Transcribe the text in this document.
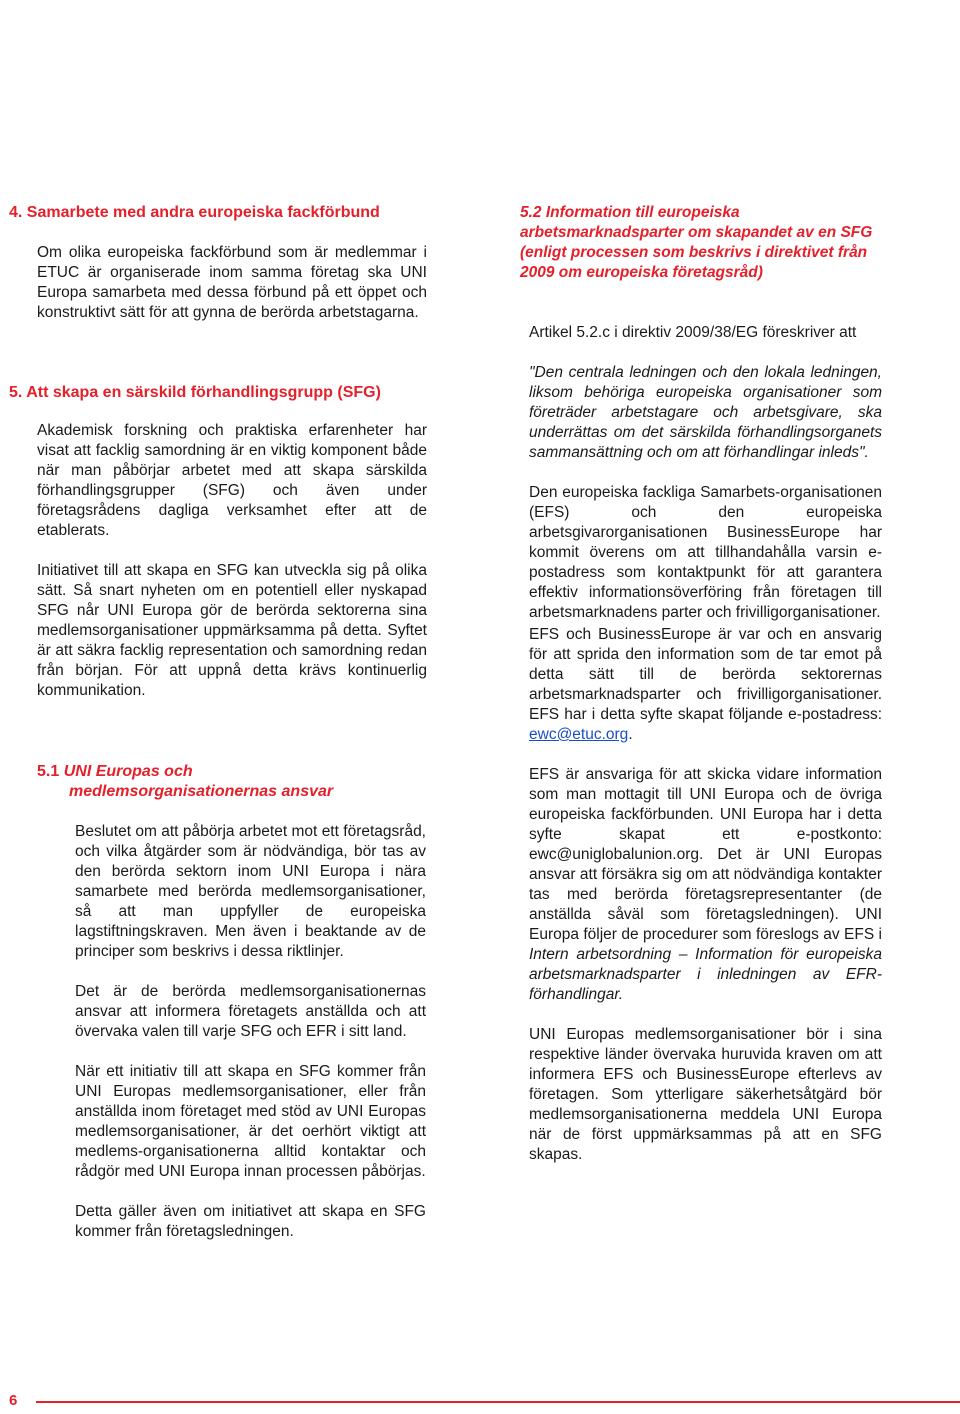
4. Samarbete med andra europeiska fackförbund

Om olika europeiska fackförbund som är medlemmar i ETUC är organiserade inom samma företag ska UNI Europa samarbeta med dessa förbund på ett öppet och konstruktivt sätt för att gynna de berörda arbetstagarna.

5. Att skapa en särskild förhandlingsgrupp (SFG)

Akademisk forskning och praktiska erfarenheter har visat att facklig samordning är en viktig komponent både när man påbörjar arbetet med att skapa särskilda förhandlingsgrupper (SFG) och även under företagsrådens dagliga verksamhet efter att de etablerats.

Initiativet till att skapa en SFG kan utveckla sig på olika sätt. Så snart nyheten om en potentiell eller nyskapad SFG når UNI Europa gör de berörda sektorerna sina medlemsorganisationer uppmärksamma på detta. Syftet är att säkra facklig representation och samordning redan från början. För att uppnå detta krävs kontinuerlig kommunikation.

5.1 UNI Europas och
medlemsorganisationernas ansvar

Beslutet om att påbörja arbetet mot ett företagsråd, och vilka åtgärder som är nödvändiga, bör tas av den berörda sektorn inom UNI Europa i nära samarbete med berörda medlemsorganisationer, så att man uppfyller de europeiska lagstiftningskraven. Men även i beaktande av de principer som beskrivs i dessa riktlinjer.

Det är de berörda medlemsorganisationernas ansvar att informera företagets anställda och att övervaka valen till varje SFG och EFR i sitt land.

När ett initiativ till att skapa en SFG kommer från UNI Europas medlemsorganisationer, eller från anställda inom företaget med stöd av UNI Europas medlemsorganisationer, är det oerhört viktigt att medlems-organisationerna alltid kontaktar och rådgör med UNI Europa innan processen påbörjas.

Detta gäller även om initiativet att skapa en SFG kommer från företagsledningen.

5.2 Information till europeiska arbetsmarknadsparter om skapandet av en SFG (enligt processen som beskrivs i direktivet från 2009 om europeiska företagsråd)

Artikel 5.2.c i direktiv 2009/38/EG föreskriver att

"Den centrala ledningen och den lokala ledningen, liksom behöriga europeiska organisationer som företräder arbetstagare och arbetsgivare, ska underrättas om det särskilda förhandlingsorganets sammansättning och om att förhandlingar inleds".

Den europeiska fackliga Samarbets-organisationen (EFS) och den europeiska arbetsgivarorganisationen BusinessEurope har kommit överens om att tillhandahålla varsin e-postadress som kontaktpunkt för att garantera effektiv informationsöverföring från företagen till arbetsmarknadens parter och frivilligorganisationer.

EFS och BusinessEurope är var och en ansvarig för att sprida den information som de tar emot på detta sätt till de berörda sektorernas arbetsmarknadsparter och frivilligorganisationer. EFS har i detta syfte skapat följande e-postadress: ewc@etuc.org.

EFS är ansvariga för att skicka vidare information som man mottagit till UNI Europa och de övriga europeiska fackförbunden. UNI Europa har i detta syfte skapat ett e-postkonto: ewc@uniglobalunion.org. Det är UNI Europas ansvar att försäkra sig om att nödvändiga kontakter tas med berörda företagsrepresentanter (de anställda såväl som företagsledningen). UNI Europa följer de procedurer som föreslogs av EFS i Intern arbetsordning – Information för europeiska arbetsmarknadsparter i inledningen av EFR-förhandlingar.

UNI Europas medlemsorganisationer bör i sina respektive länder övervaka huruvida kraven om att informera EFS och BusinessEurope efterlevs av företagen. Som ytterligare säkerhetsåtgärd bör medlemsorganisationerna meddela UNI Europa när de först uppmärksammas på att en SFG skapas.

6
